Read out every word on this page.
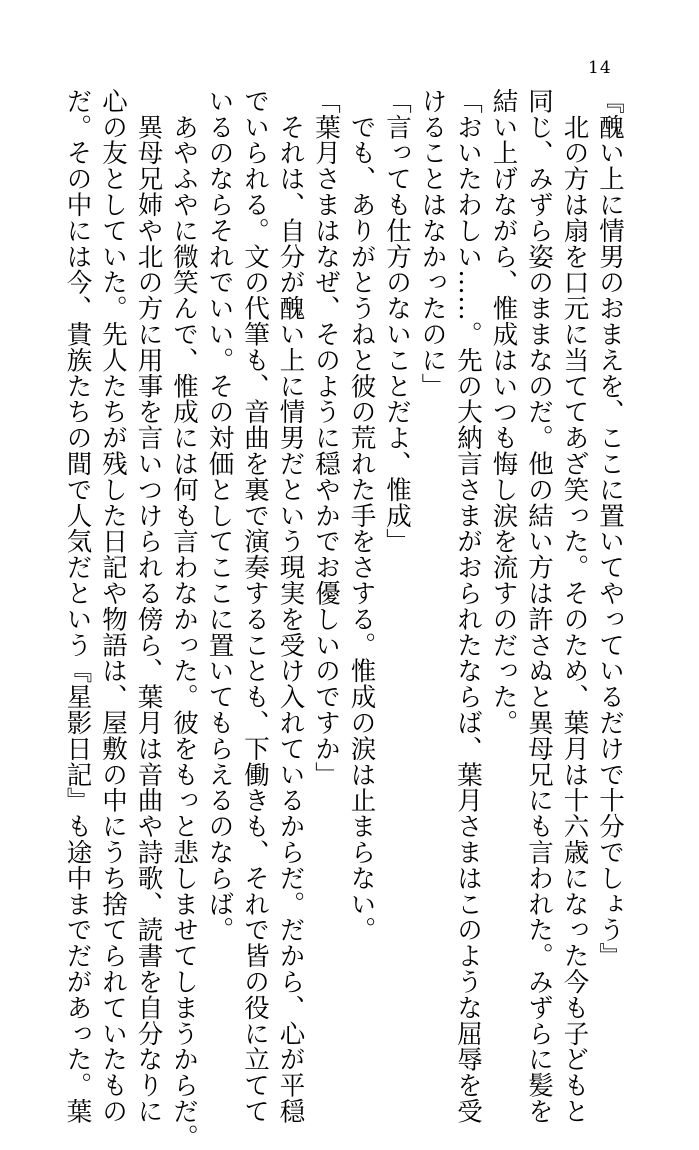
14
『醜い上に情男のおまえを、ここに置いてやっているだけで十分でしょう』
　北の方は扇を口元に当ててあざ笑った。そのため、葉月は十六歳になった今も子どもと
同じ、みずら姿のままなのだ。他の結い方は許さぬと異母兄にも言われた。みずらに髪を
結い上げながら、惟成はいつも悔し涙を流すのだった。
「おいたわしい……。先の大納言さまがおられたならば、葉月さまはこのような屈辱を受
けることはなかったのに」
「言っても仕方のないことだよ、惟成」
　でも、ありがとうねと彼の荒れた手をさする。惟成の涙は止まらない。
「葉月さまはなぜ、そのように穏やかでお優しいのですか」
　それは、自分が醜い上に情男だという現実を受け入れているからだ。だから、心が平穏
でいられる。文の代筆も、音曲を裏で演奏することも、下働きも、それで皆の役に立てて
いるのならそれでいい。その対価としてここに置いてもらえるのならば。
　あやふやに微笑んで、惟成には何も言わなかった。彼をもっと悲しませてしまうからだ。
　異母兄姉や北の方に用事を言いつけられる傍ら、葉月は音曲や詩歌、読書を自分なりに
心の友としていた。先人たちが残した日記や物語は、屋敷の中にうち捨てられていたもの
だ。その中には今、貴族たちの間で人気だという『星影日記』も途中までだがあった。葉
